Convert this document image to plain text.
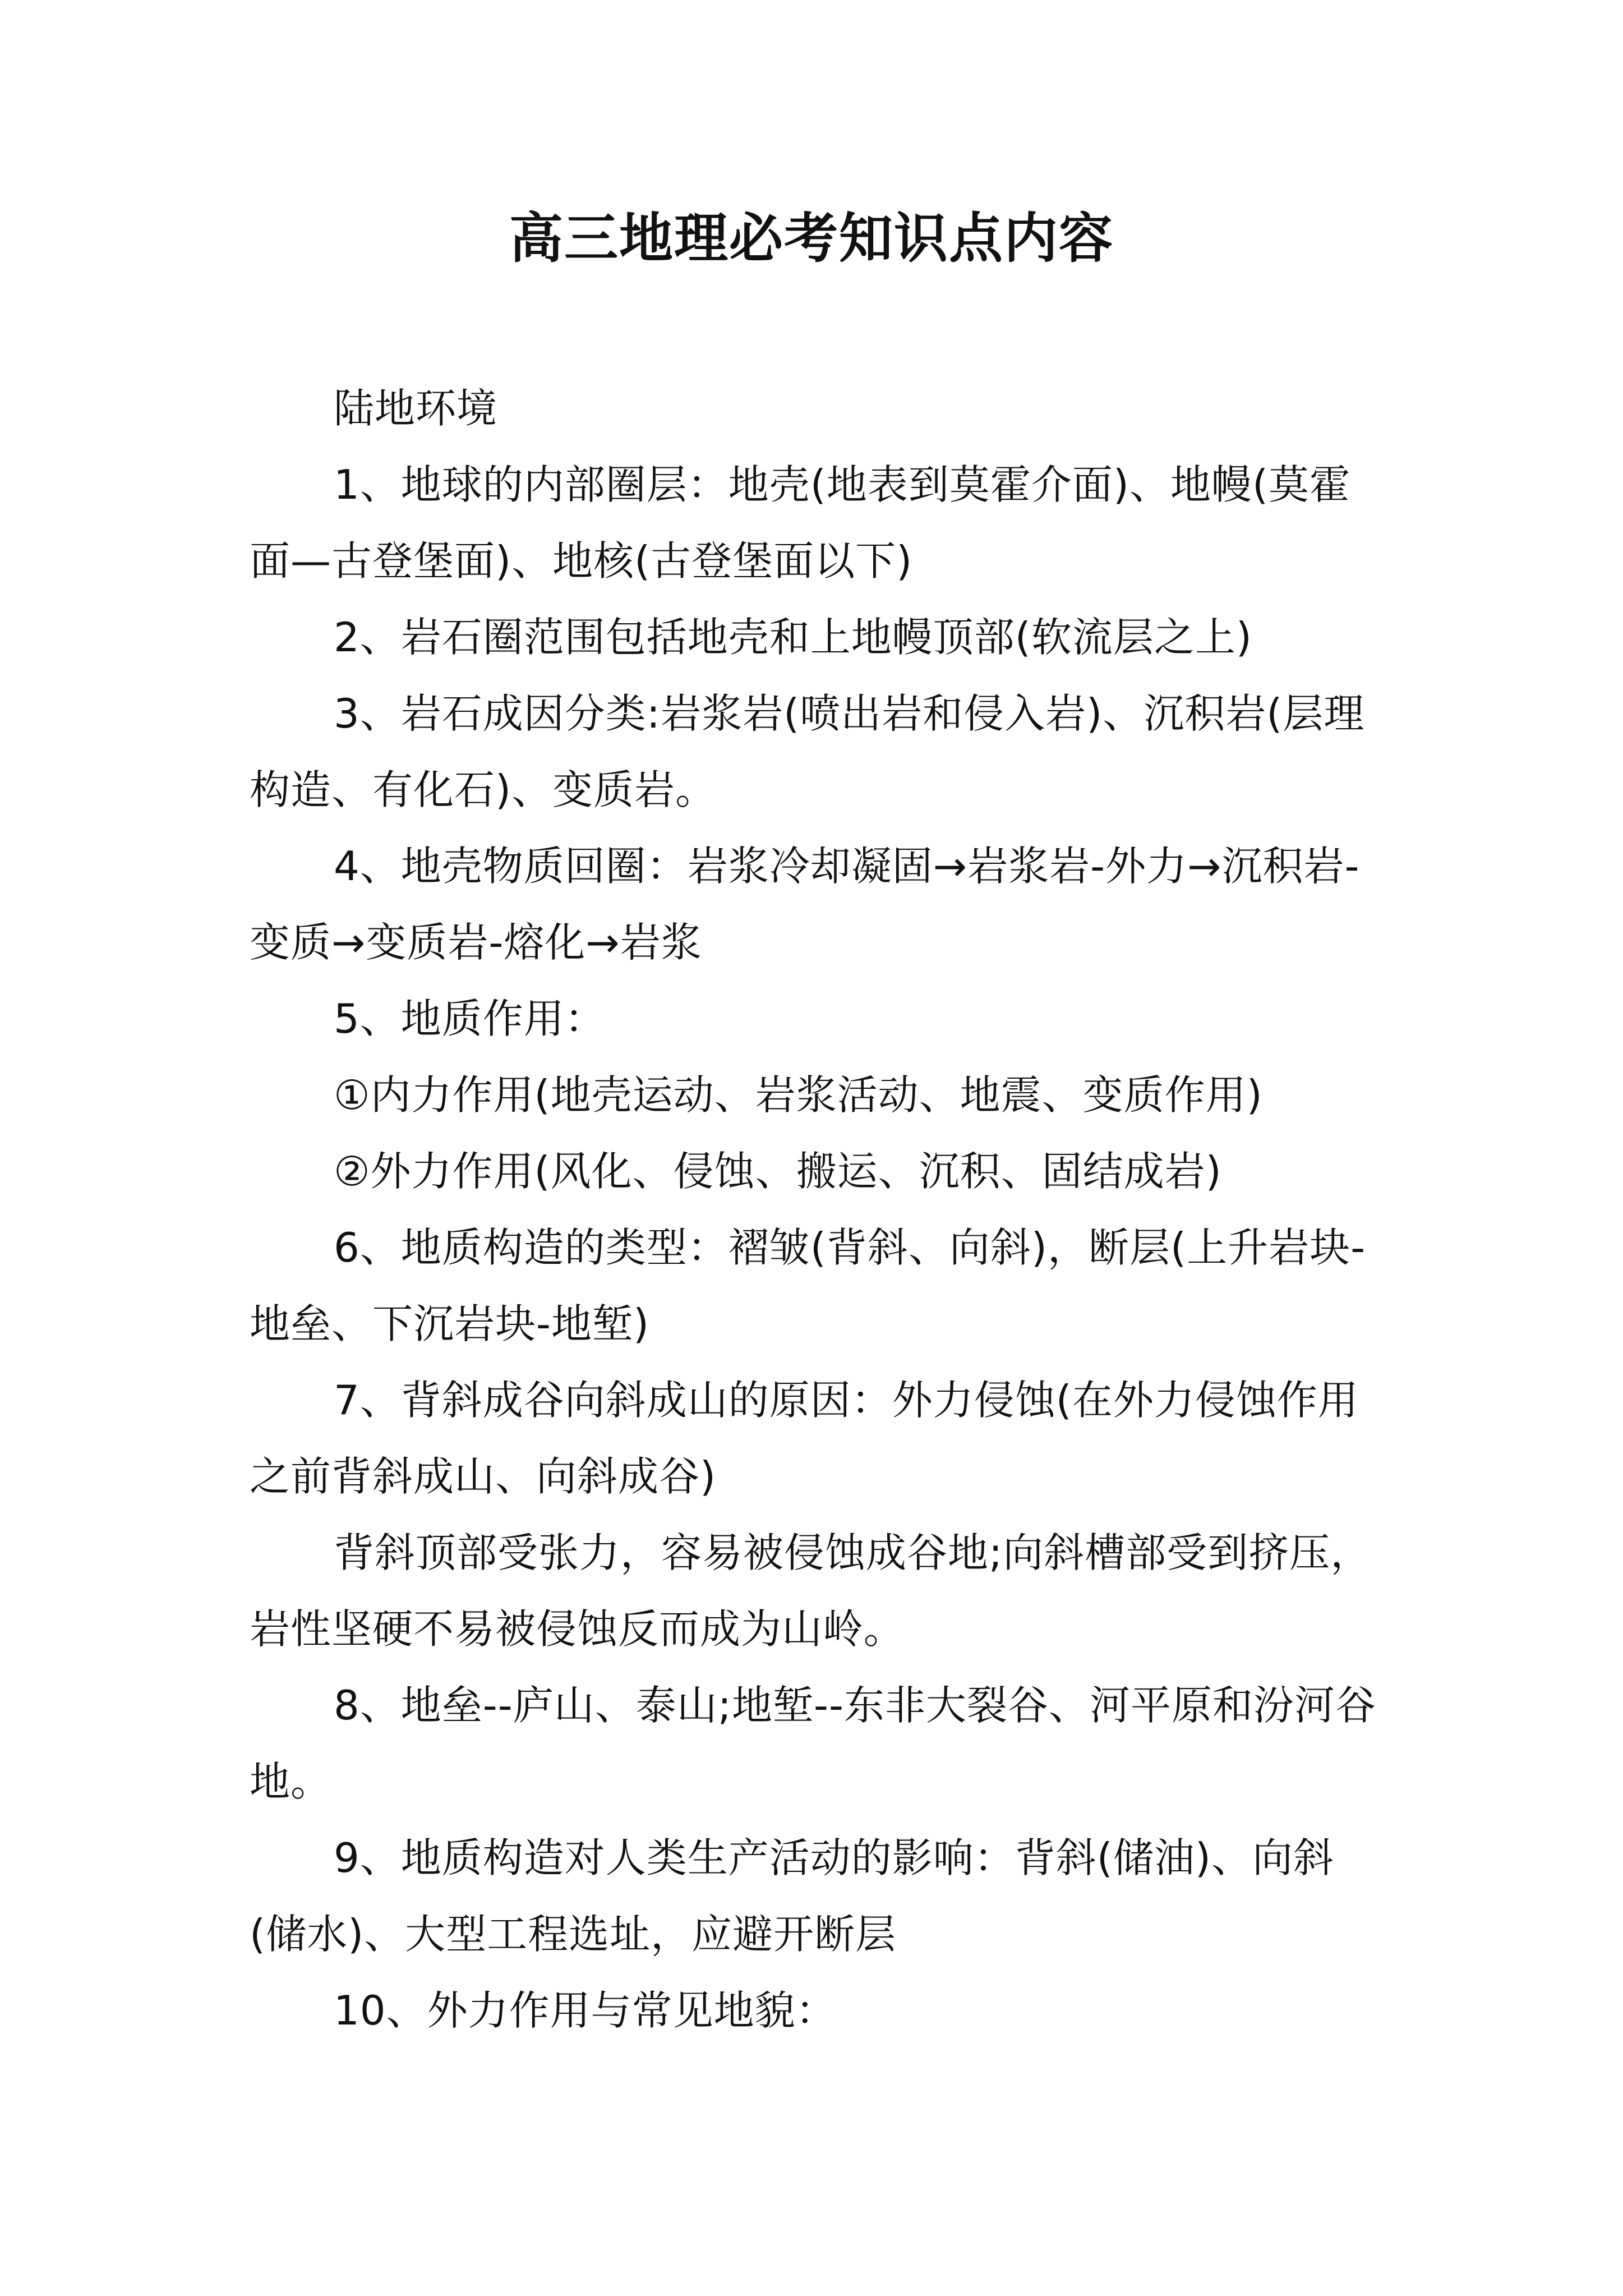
高三地理必考知识点内容

陆地环境

1、地球的内部圈层：地壳(地表到莫霍介面)、地幔(莫霍面—古登堡面)、地核(古登堡面以下)

2、岩石圈范围包括地壳和上地幔顶部(软流层之上)

3、岩石成因分类:岩浆岩(喷出岩和侵入岩)、沉积岩(层理构造、有化石)、变质岩。

4、地壳物质回圈：岩浆冷却凝固→岩浆岩-外力→沉积岩-变质→变质岩-熔化→岩浆

5、地质作用：

①内力作用(地壳运动、岩浆活动、地震、变质作用)

②外力作用(风化、侵蚀、搬运、沉积、固结成岩)

6、地质构造的类型：褶皱(背斜、向斜)，断层(上升岩块-地垒、下沉岩块-地堑)

7、背斜成谷向斜成山的原因：外力侵蚀(在外力侵蚀作用之前背斜成山、向斜成谷)

背斜顶部受张力，容易被侵蚀成谷地;向斜槽部受到挤压，岩性坚硬不易被侵蚀反而成为山岭。

8、地垒--庐山、泰山;地堑--东非大裂谷、河平原和汾河谷地。

9、地质构造对人类生产活动的影响：背斜(储油)、向斜(储水)、大型工程选址，应避开断层

10、外力作用与常见地貌：
